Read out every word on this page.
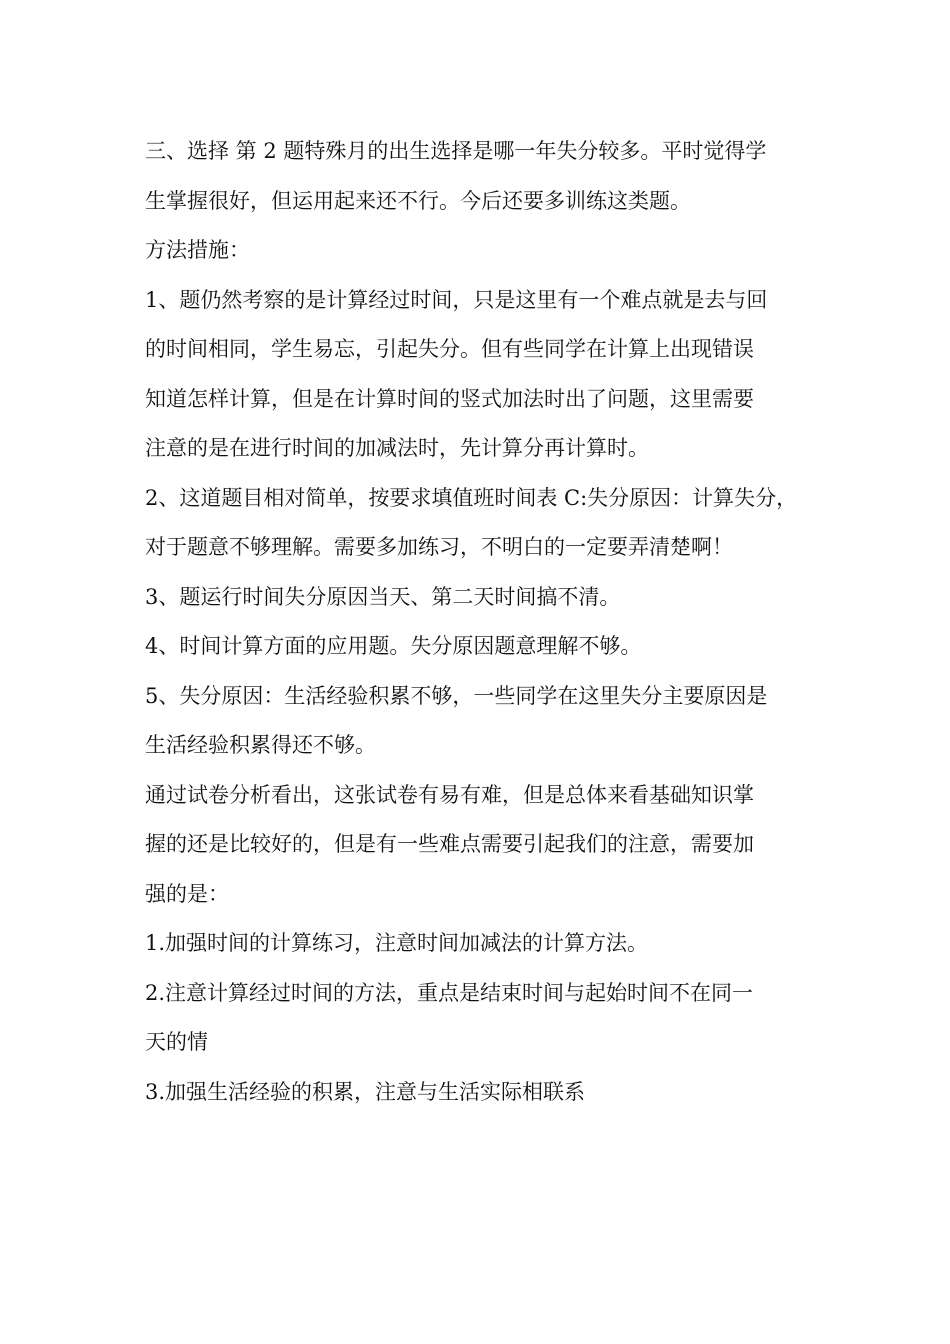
三、选择 第 2 题特殊月的出生选择是哪一年失分较多。平时觉得学
生掌握很好，但运用起来还不行。今后还要多训练这类题。
方法措施：
1、题仍然考察的是计算经过时间，只是这里有一个难点就是去与回
的时间相同，学生易忘，引起失分。但有些同学在计算上出现错误
知道怎样计算，但是在计算时间的竖式加法时出了问题，这里需要
注意的是在进行时间的加减法时，先计算分再计算时。
2、这道题目相对简单，按要求填值班时间表 C:失分原因：计算失分，
对于题意不够理解。需要多加练习，不明白的一定要弄清楚啊！
3、题运行时间失分原因当天、第二天时间搞不清。
4、时间计算方面的应用题。失分原因题意理解不够。
5、失分原因：生活经验积累不够，一些同学在这里失分主要原因是
生活经验积累得还不够。
通过试卷分析看出，这张试卷有易有难，但是总体来看基础知识掌
握的还是比较好的，但是有一些难点需要引起我们的注意，需要加
强的是：
1.加强时间的计算练习，注意时间加减法的计算方法。
2.注意计算经过时间的方法，重点是结束时间与起始时间不在同一
天的情
3.加强生活经验的积累，注意与生活实际相联系
